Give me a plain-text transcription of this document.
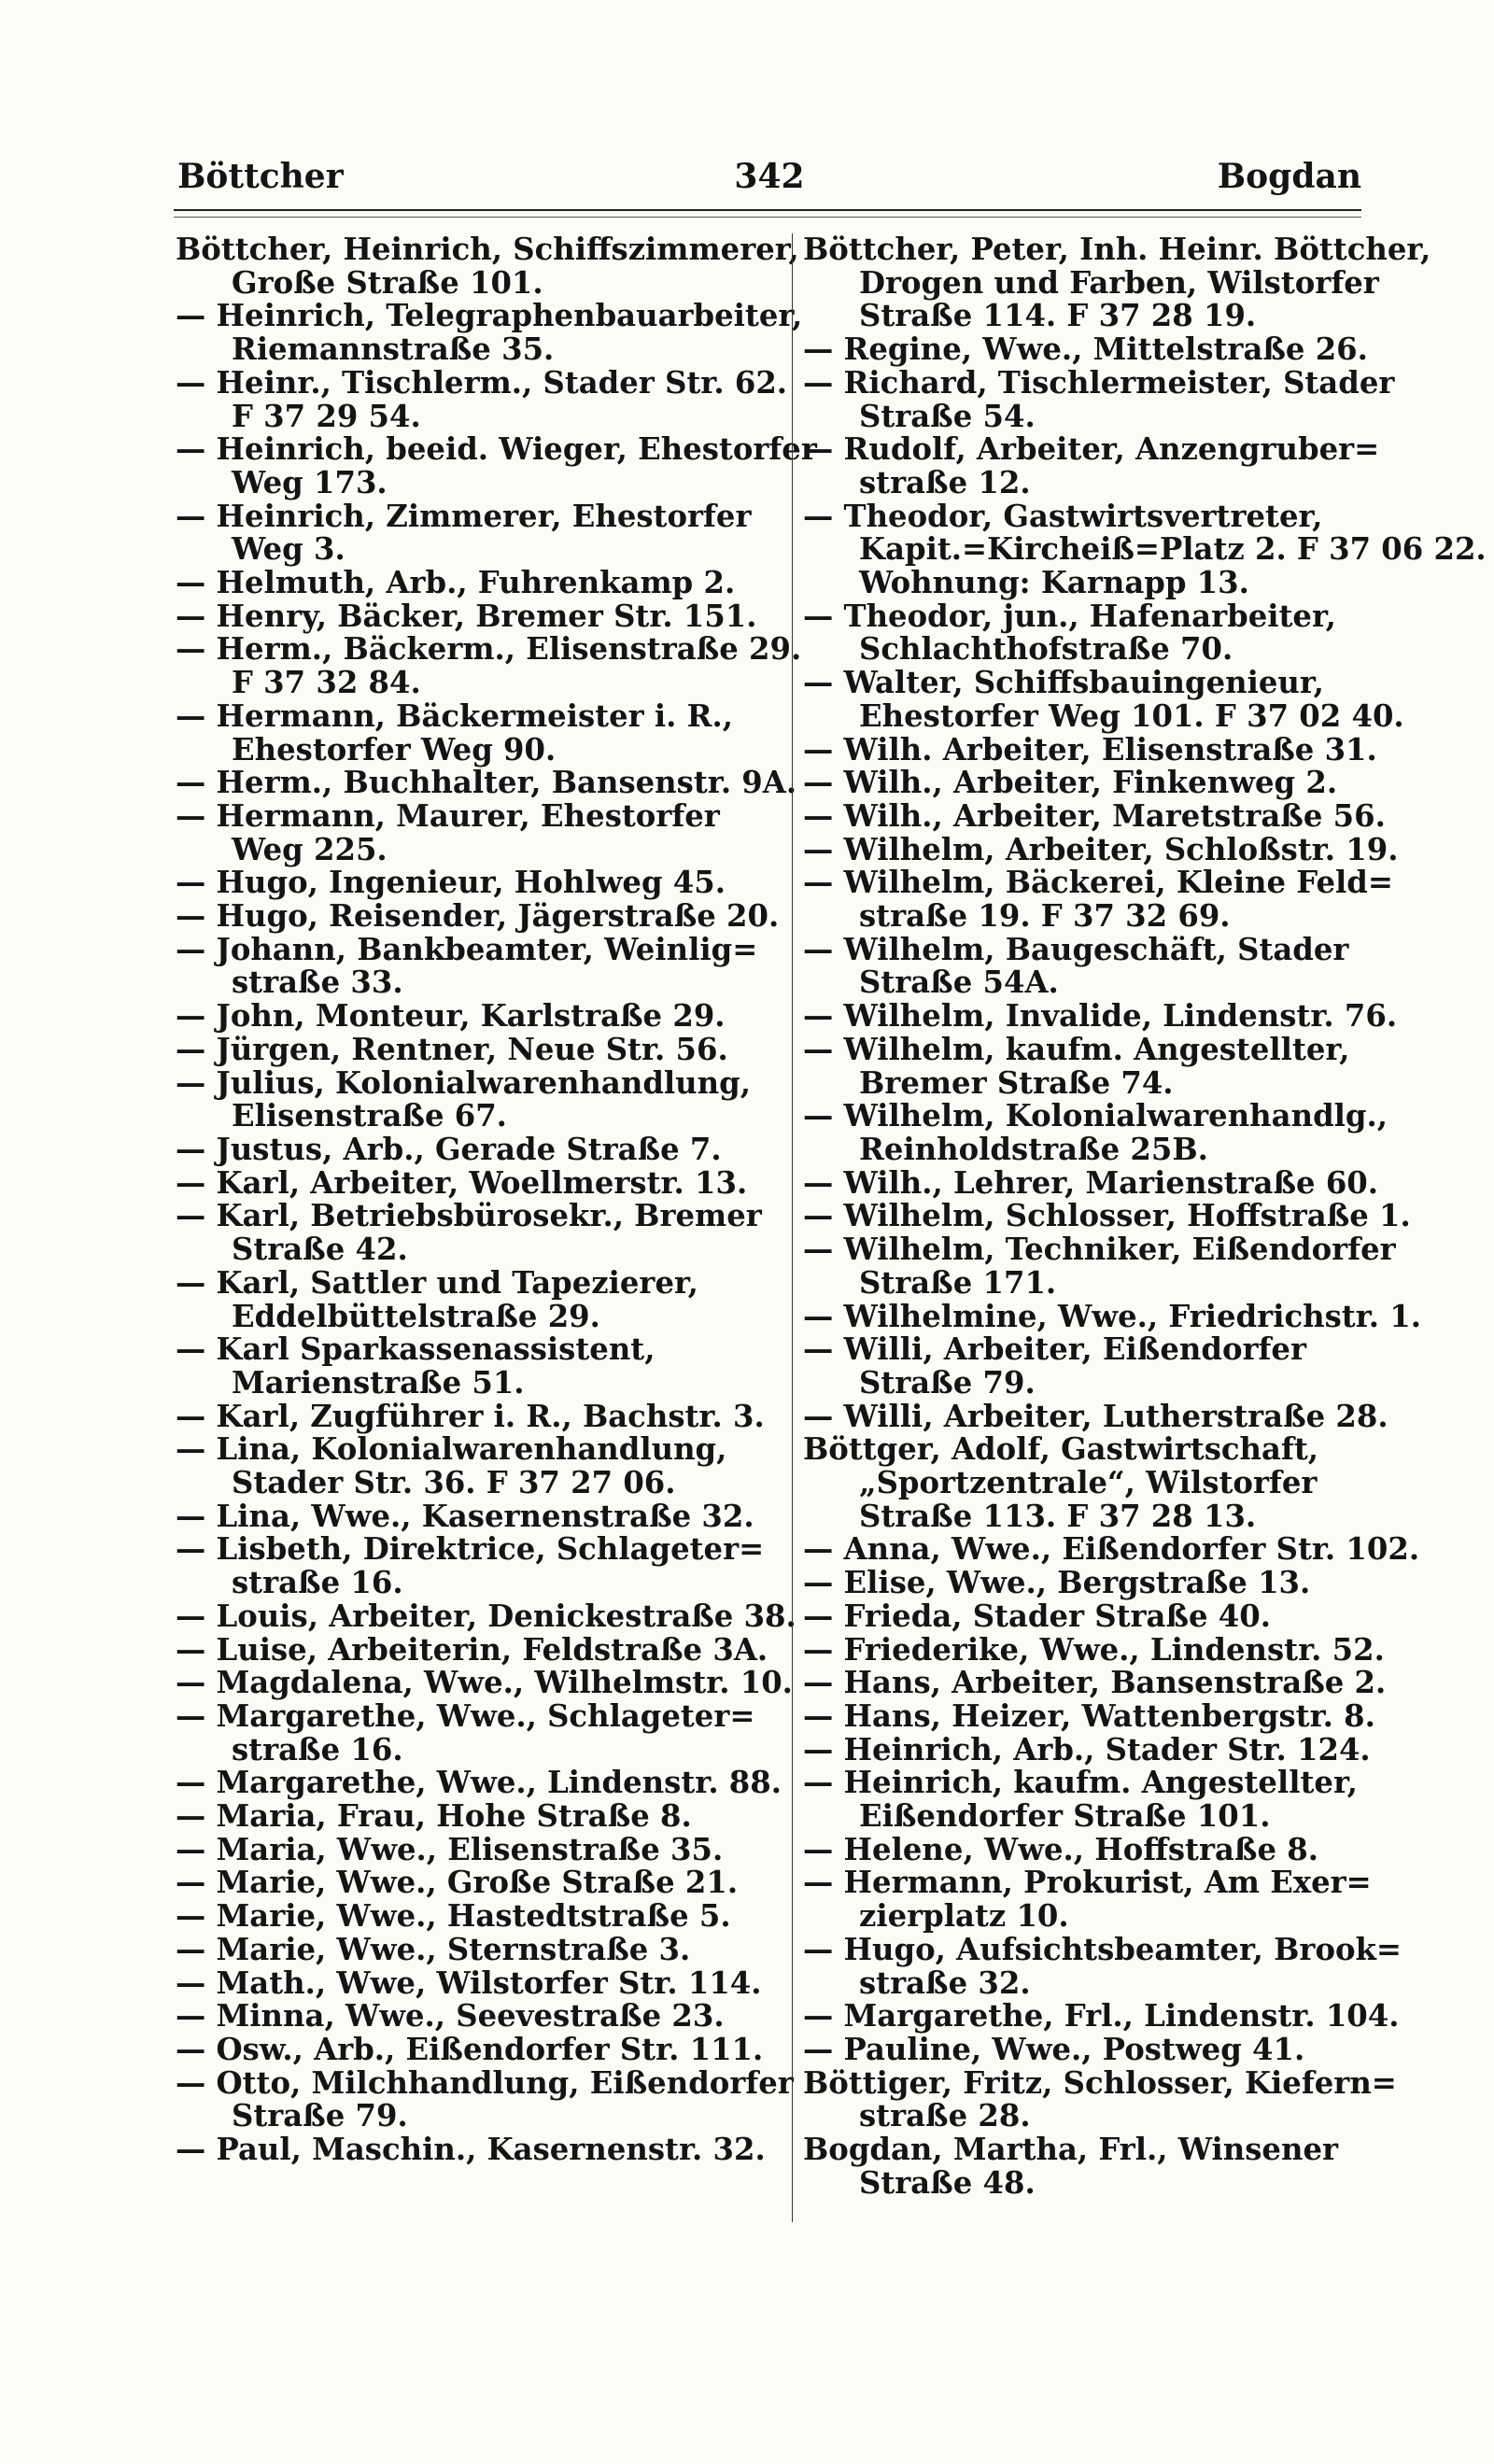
Böttcher	342	Bogdan
Böttcher, Heinrich, Schiffszimmerer,
Große Straße 101.
— Heinrich, Telegraphenbauarbeiter,
Riemannstraße 35.
— Heinr., Tischlerm., Stader Str. 62.
F 37 29 54.
— Heinrich, beeid. Wieger, Ehestorfer
Weg 173.
— Heinrich, Zimmerer, Ehestorfer
Weg 3.
— Helmuth, Arb., Fuhrenkamp 2.
— Henry, Bäcker, Bremer Str. 151.
— Herm., Bäckerm., Elisenstraße 29.
F 37 32 84.
— Hermann, Bäckermeister i. R.,
Ehestorfer Weg 90.
— Herm., Buchhalter, Bansenstr. 9A.
— Hermann, Maurer, Ehestorfer
Weg 225.
— Hugo, Ingenieur, Hohlweg 45.
— Hugo, Reisender, Jägerstraße 20.
— Johann, Bankbeamter, Weinlig=
straße 33.
— John, Monteur, Karlstraße 29.
— Jürgen, Rentner, Neue Str. 56.
— Julius, Kolonialwarenhandlung,
Elisenstraße 67.
— Justus, Arb., Gerade Straße 7.
— Karl, Arbeiter, Woellmerstr. 13.
— Karl, Betriebsbürosekr., Bremer
Straße 42.
— Karl, Sattler und Tapezierer,
Eddelbüttelstraße 29.
— Karl Sparkassenassistent,
Marienstraße 51.
— Karl, Zugführer i. R., Bachstr. 3.
— Lina, Kolonialwarenhandlung,
Stader Str. 36. F 37 27 06.
— Lina, Wwe., Kasernenstraße 32.
— Lisbeth, Direktrice, Schlageter=
straße 16.
— Louis, Arbeiter, Denickestraße 38.
— Luise, Arbeiterin, Feldstraße 3A.
— Magdalena, Wwe., Wilhelmstr. 10.
— Margarethe, Wwe., Schlageter=
straße 16.
— Margarethe, Wwe., Lindenstr. 88.
— Maria, Frau, Hohe Straße 8.
— Maria, Wwe., Elisenstraße 35.
— Marie, Wwe., Große Straße 21.
— Marie, Wwe., Hastedtstraße 5.
— Marie, Wwe., Sternstraße 3.
— Math., Wwe, Wilstorfer Str. 114.
— Minna, Wwe., Seevestraße 23.
— Osw., Arb., Eißendorfer Str. 111.
— Otto, Milchhandlung, Eißendorfer
Straße 79.
— Paul, Maschin., Kasernenstr. 32.
Böttcher, Peter, Inh. Heinr. Böttcher,
Drogen und Farben, Wilstorfer
Straße 114. F 37 28 19.
— Regine, Wwe., Mittelstraße 26.
— Richard, Tischlermeister, Stader
Straße 54.
— Rudolf, Arbeiter, Anzengruber=
straße 12.
— Theodor, Gastwirtsvertreter,
Kapit.=Kircheiß=Platz 2. F 37 06 22.
Wohnung: Karnapp 13.
— Theodor, jun., Hafenarbeiter,
Schlachthofstraße 70.
— Walter, Schiffsbauingenieur,
Ehestorfer Weg 101. F 37 02 40.
— Wilh. Arbeiter, Elisenstraße 31.
— Wilh., Arbeiter, Finkenweg 2.
— Wilh., Arbeiter, Maretstraße 56.
— Wilhelm, Arbeiter, Schloßstr. 19.
— Wilhelm, Bäckerei, Kleine Feld=
straße 19. F 37 32 69.
— Wilhelm, Baugeschäft, Stader
Straße 54A.
— Wilhelm, Invalide, Lindenstr. 76.
— Wilhelm, kaufm. Angestellter,
Bremer Straße 74.
— Wilhelm, Kolonialwarenhandlg.,
Reinholdstraße 25B.
— Wilh., Lehrer, Marienstraße 60.
— Wilhelm, Schlosser, Hoffstraße 1.
— Wilhelm, Techniker, Eißendorfer
Straße 171.
— Wilhelmine, Wwe., Friedrichstr. 1.
— Willi, Arbeiter, Eißendorfer
Straße 79.
— Willi, Arbeiter, Lutherstraße 28.
Böttger, Adolf, Gastwirtschaft,
„Sportzentrale“, Wilstorfer
Straße 113. F 37 28 13.
— Anna, Wwe., Eißendorfer Str. 102.
— Elise, Wwe., Bergstraße 13.
— Frieda, Stader Straße 40.
— Friederike, Wwe., Lindenstr. 52.
— Hans, Arbeiter, Bansenstraße 2.
— Hans, Heizer, Wattenbergstr. 8.
— Heinrich, Arb., Stader Str. 124.
— Heinrich, kaufm. Angestellter,
Eißendorfer Straße 101.
— Helene, Wwe., Hoffstraße 8.
— Hermann, Prokurist, Am Exer=
zierplatz 10.
— Hugo, Aufsichtsbeamter, Brook=
straße 32.
— Margarethe, Frl., Lindenstr. 104.
— Pauline, Wwe., Postweg 41.
Böttiger, Fritz, Schlosser, Kiefern=
straße 28.
Bogdan, Martha, Frl., Winsener
Straße 48.
